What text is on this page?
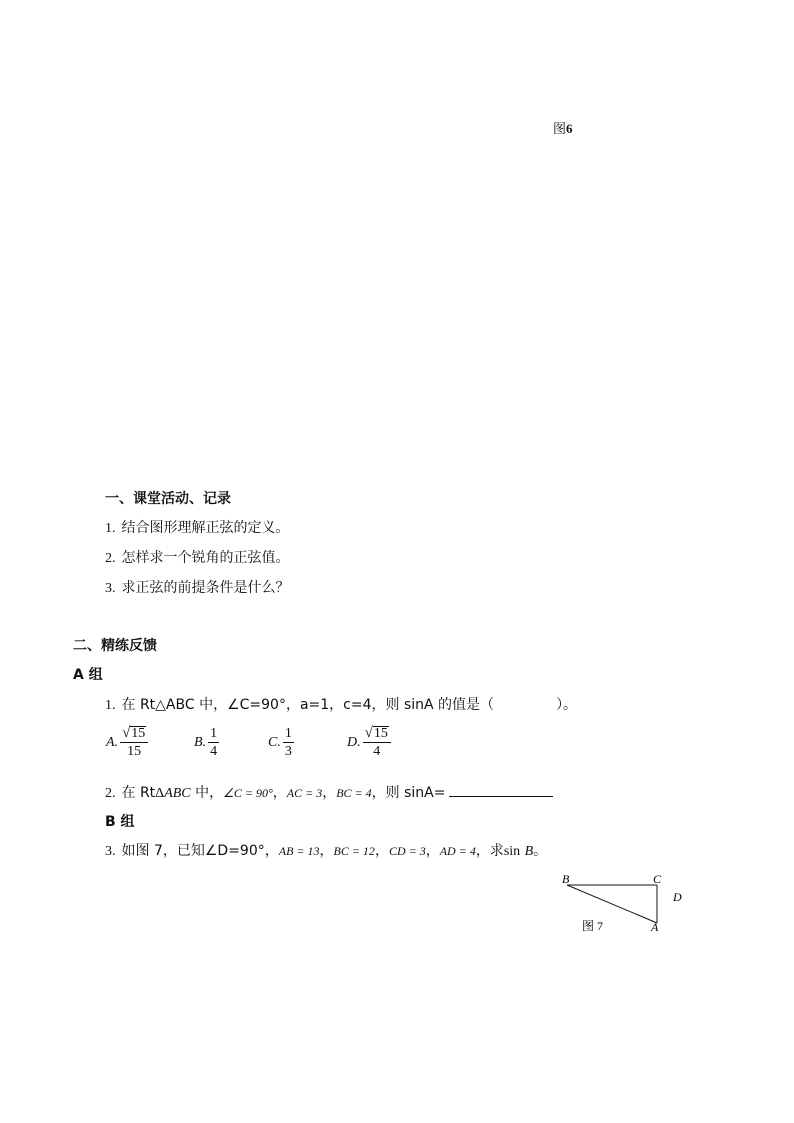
图6
一、课堂活动、记录
1. 结合图形理解正弦的定义。
2. 怎样求一个锐角的正弦值。
3. 求正弦的前提条件是什么？
二、精练反馈
A 组
1. 在 Rt△ABC 中，∠C=90°，a=1，c=4，则 sinA 的值是（	）。
A. $\frac{√ 15}{15}$	B. $\frac{1}{4}$	C. $\frac{1}{3}$	D. $\frac{√ 15}{4}$
2. 在 RtΔABC 中，∠C = 90°，AC = 3，BC = 4，则 sinA=
B 组
3. 如图 7，已知∠D=90°，AB = 13，BC = 12，CD = 3，AD = 4，求sin B。
B	C
D
A
图 7
